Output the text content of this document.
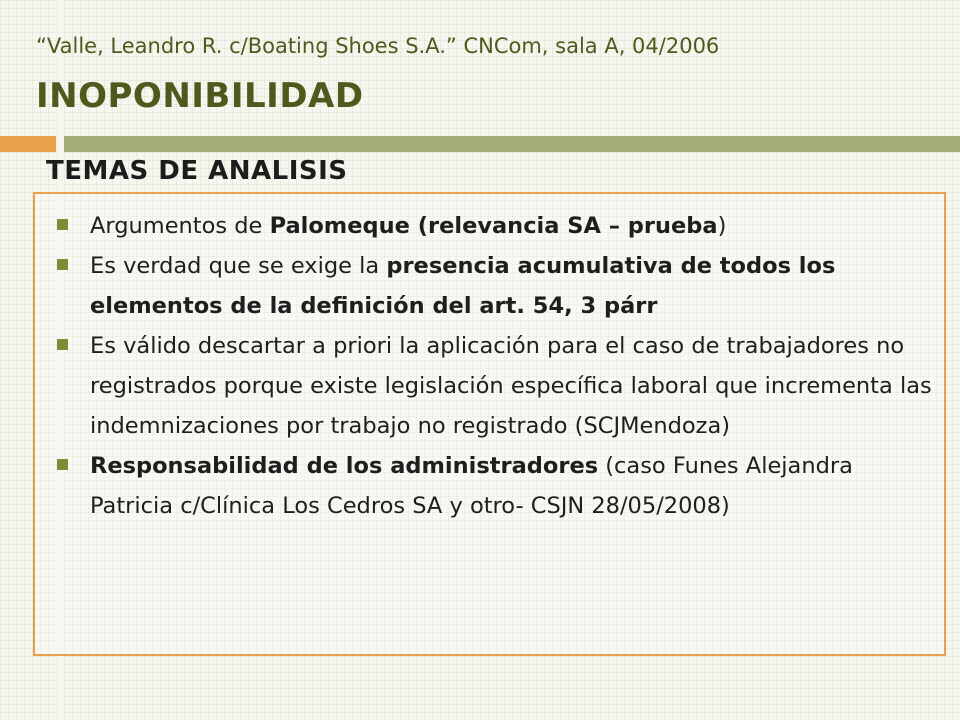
“Valle, Leandro R. c/Boating Shoes S.A.” CNCom, sala A, 04/2006
INOPONIBILIDAD
TEMAS DE ANALISIS
Argumentos de Palomeque (relevancia SA – prueba)
Es verdad que se exige la presencia acumulativa de todos los elementos de la definición del art. 54, 3 párr
Es válido descartar a priori la aplicación para el caso de trabajadores no registrados porque existe legislación específica laboral que incrementa las indemnizaciones por trabajo no registrado (SCJMendoza)
Responsabilidad de los administradores (caso Funes Alejandra Patricia c/Clínica Los Cedros SA y otro- CSJN 28/05/2008)
